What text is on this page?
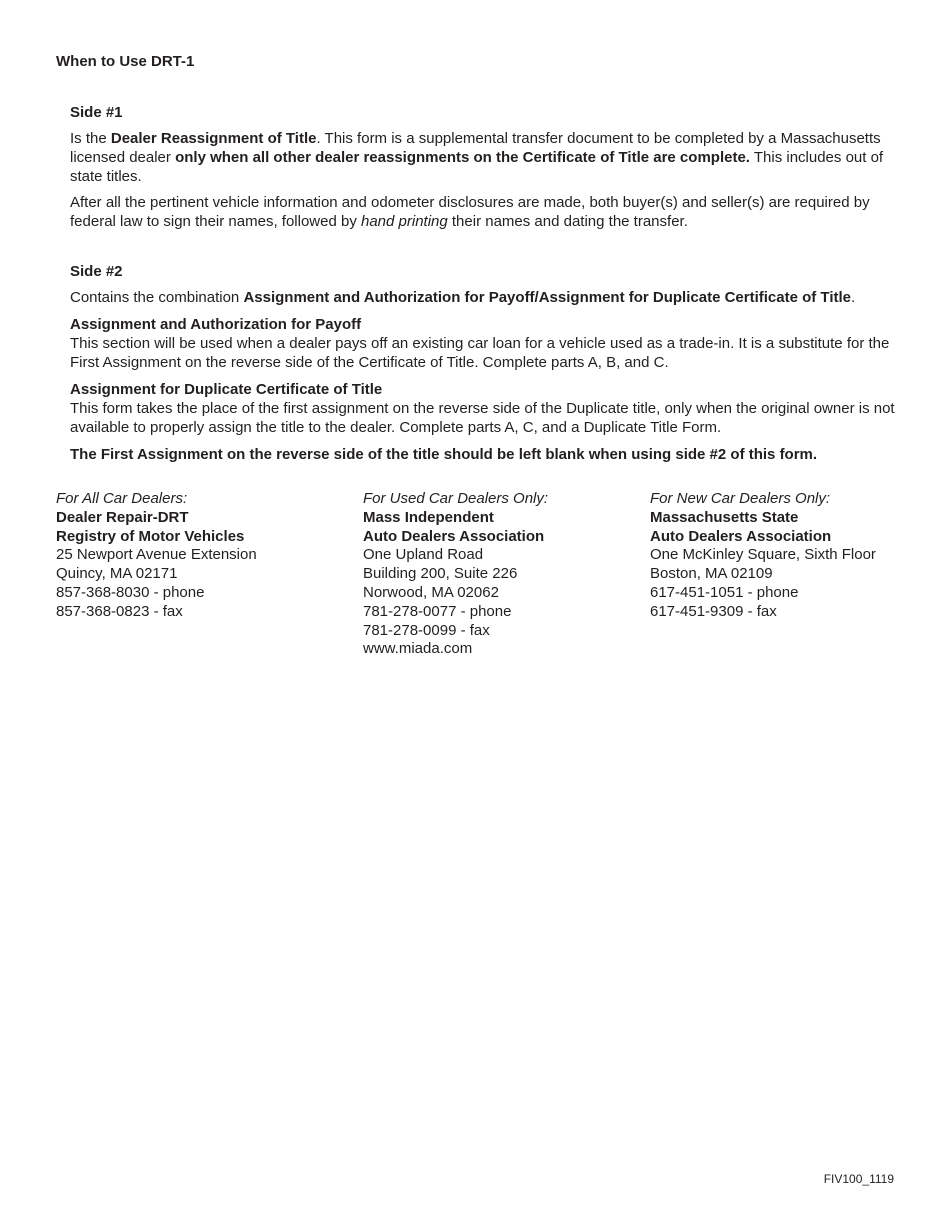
When to Use DRT-1
Side #1

Is the Dealer Reassignment of Title. This form is a supplemental transfer document to be completed by a Massachusetts licensed dealer only when all other dealer reassignments on the Certificate of Title are complete. This includes out of state titles.

After all the pertinent vehicle information and odometer disclosures are made, both buyer(s) and seller(s) are required by federal law to sign their names, followed by hand printing their names and dating the transfer.

Side #2

Contains the combination Assignment and Authorization for Payoff/Assignment for Duplicate Certificate of Title.

Assignment and Authorization for Payoff

This section will be used when a dealer pays off an existing car loan for a vehicle used as a trade-in. It is a substitute for the First Assignment on the reverse side of the Certificate of Title. Complete parts A, B, and C.

Assignment for Duplicate Certificate of Title

This form takes the place of the first assignment on the reverse side of the Duplicate title, only when the original owner is not available to properly assign the title to the dealer. Complete parts A, C, and a Duplicate Title Form.

The First Assignment on the reverse side of the title should be left blank when using side #2 of this form.

For All Car Dealers:
Dealer Repair-DRT
Registry of Motor Vehicles
25 Newport Avenue Extension
Quincy, MA 02171
857-368-8030 - phone
857-368-0823 - fax
For Used Car Dealers Only:
Mass Independent
Auto Dealers Association
One Upland Road
Building 200, Suite 226
Norwood, MA 02062
781-278-0077 - phone
781-278-0099 - fax
www.miada.com
For New Car Dealers Only:
Massachusetts State
Auto Dealers Association
One McKinley Square, Sixth Floor
Boston, MA 02109
617-451-1051 - phone
617-451-9309 - fax
FIV100_1119
